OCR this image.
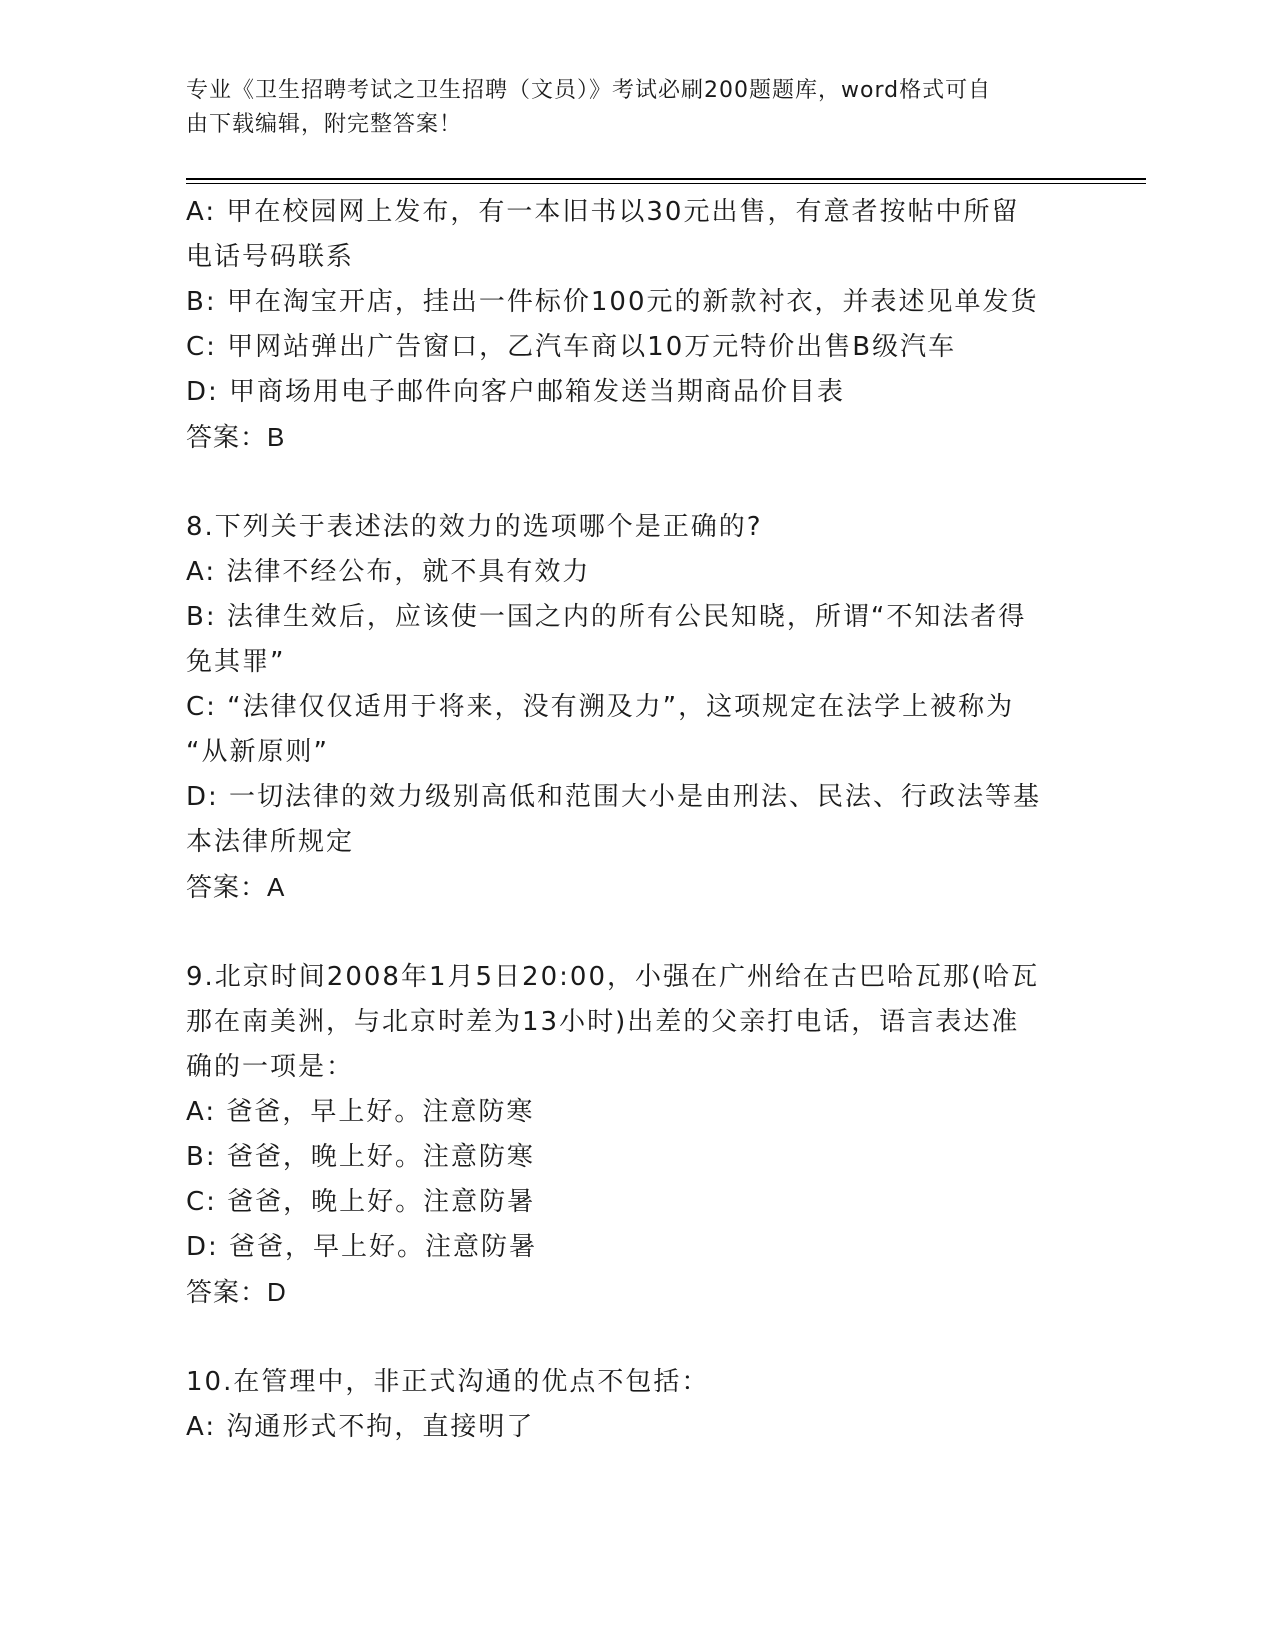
专业《卫生招聘考试之卫生招聘（文员）》考试必刷200题题库，word格式可自
由下载编辑，附完整答案！
A: 甲在校园网上发布，有一本旧书以30元出售，有意者按帖中所留
电话号码联系
B: 甲在淘宝开店，挂出一件标价100元的新款衬衣，并表述见单发货
C: 甲网站弹出广告窗口，乙汽车商以10万元特价出售B级汽车
D: 甲商场用电子邮件向客户邮箱发送当期商品价目表
答案：B
8.下列关于表述法的效力的选项哪个是正确的?
A: 法律不经公布，就不具有效力
B: 法律生效后，应该使一国之内的所有公民知晓，所谓“不知法者得
免其罪”
C: “法律仅仅适用于将来，没有溯及力”，这项规定在法学上被称为
“从新原则”
D: 一切法律的效力级别高低和范围大小是由刑法、民法、行政法等基
本法律所规定
答案：A
9.北京时间2008年1月5日20:00，小强在广州给在古巴哈瓦那(哈瓦
那在南美洲，与北京时差为13小时)出差的父亲打电话，语言表达准
确的一项是：
A: 爸爸，早上好。注意防寒
B: 爸爸，晚上好。注意防寒
C: 爸爸，晚上好。注意防暑
D: 爸爸，早上好。注意防暑
答案：D
10.在管理中，非正式沟通的优点不包括：
A: 沟通形式不拘，直接明了
